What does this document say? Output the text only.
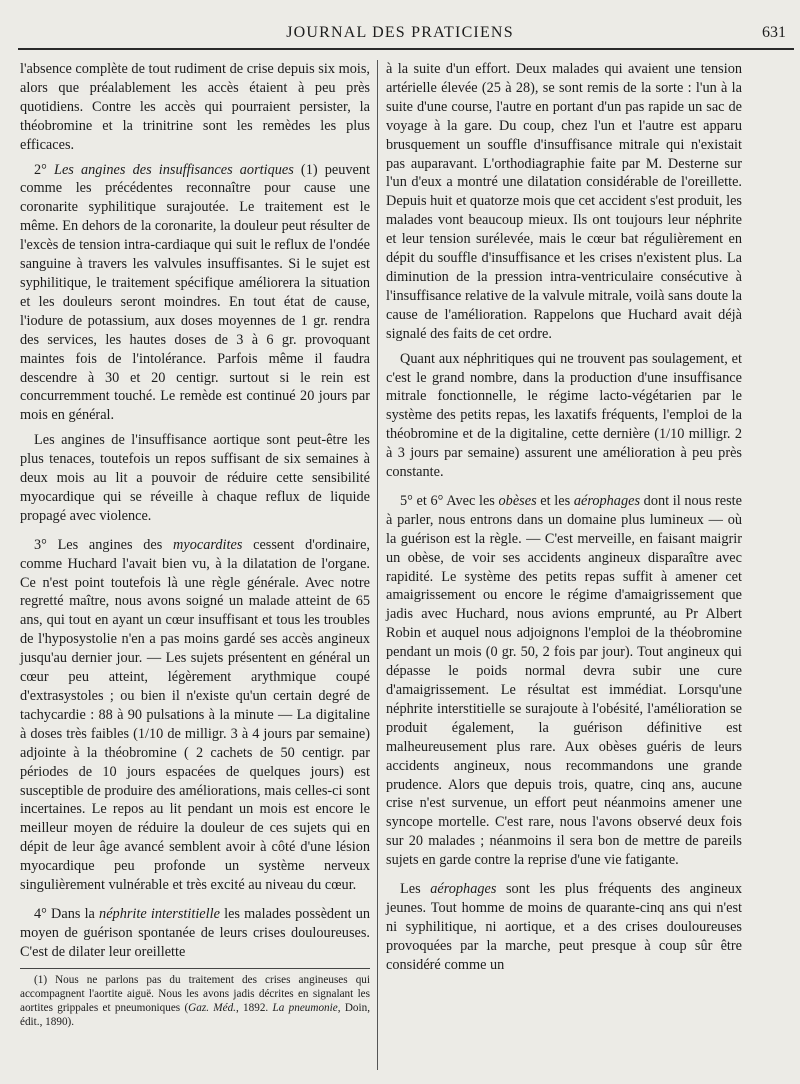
JOURNAL DES PRATICIENS	631

l'absence complète de tout rudiment de crise depuis six mois, alors que préalablement les accès étaient à peu près quotidiens. Contre les accès qui pourraient persister, la théobromine et la trinitrine sont les remèdes les plus efficaces.

2° Les angines des insuffisances aortiques (1) peuvent comme les précédentes reconnaître pour cause une coronarite syphilitique surajoutée. Le traitement est le même. En dehors de la coronarite, la douleur peut résulter de l'excès de tension intra-cardiaque qui suit le reflux de l'ondée sanguine à travers les valvules insuffisantes. Si le sujet est syphilitique, le traitement spécifique améliorera la situation et les douleurs seront moindres. En tout état de cause, l'iodure de potassium, aux doses moyennes de 1 gr. rendra des services, les hautes doses de 3 à 6 gr. provoquant maintes fois de l'intolérance. Parfois même il faudra descendre à 30 et 20 centigr. surtout si le rein est concurremment touché. Le remède est continué 20 jours par mois en général.

Les angines de l'insuffisance aortique sont peut-être les plus tenaces, toutefois un repos suffisant de six semaines à deux mois au lit a pouvoir de réduire cette sensibilité myocardique qui se réveille à chaque reflux de liquide propagé avec violence.

3° Les angines des myocardites cessent d'ordinaire, comme Huchard l'avait bien vu, à la dilatation de l'organe. Ce n'est point toutefois là une règle générale. Avec notre regretté maître, nous avons soigné un malade atteint de 65 ans, qui tout en ayant un cœur insuffisant et tous les troubles de l'hyposystolie n'en a pas moins gardé ses accès angineux jusqu'au dernier jour. — Les sujets présentent en général un cœur peu atteint, légèrement arythmique coupé d'extrasystoles ; ou bien il n'existe qu'un certain degré de tachycardie : 88 à 90 pulsations à la minute — La digitaline à doses très faibles (1/10 de milligr. 3 à 4 jours par semaine) adjointe à la théobromine ( 2 cachets de 50 centigr. par périodes de 10 jours espacées de quelques jours) est susceptible de produire des améliorations, mais celles-ci sont incertaines. Le repos au lit pendant un mois est encore le meilleur moyen de réduire la douleur de ces sujets qui en dépit de leur âge avancé semblent avoir à côté d'une lésion myocardique peu profonde un système nerveux singulièrement vulnérable et très excité au niveau du cœur.

4° Dans la néphrite interstitielle les malades possèdent un moyen de guérison spontanée de leurs crises douloureuses. C'est de dilater leur oreillette

(1) Nous ne parlons pas du traitement des crises angineuses qui accompagnent l'aortite aiguë. Nous les avons jadis décrites en signalant les aortites grippales et pneumoniques (Gaz. Méd., 1892. La pneumonie, Doin, édit., 1890).

à la suite d'un effort. Deux malades qui avaient une tension artérielle élevée (25 à 28), se sont remis de la sorte : l'un à la suite d'une course, l'autre en portant d'un pas rapide un sac de voyage à la gare. Du coup, chez l'un et l'autre est apparu brusquement un souffle d'insuffisance mitrale qui n'existait pas auparavant. L'orthodiagraphie faite par M. Desterne sur l'un d'eux a montré une dilatation considérable de l'oreillette. Depuis huit et quatorze mois que cet accident s'est produit, les malades vont beaucoup mieux. Ils ont toujours leur néphrite et leur tension surélevée, mais le cœur bat régulièrement en dépit du souffle d'insuffisance et les crises n'existent plus. La diminution de la pression intra-ventriculaire consécutive à l'insuffisance relative de la valvule mitrale, voilà sans doute la cause de l'amélioration. Rappelons que Huchard avait déjà signalé des faits de cet ordre.

Quant aux néphritiques qui ne trouvent pas soulagement, et c'est le grand nombre, dans la production d'une insuffisance mitrale fonctionnelle, le régime lacto-végétarien par le système des petits repas, les laxatifs fréquents, l'emploi de la théobromine et de la digitaline, cette dernière (1/10 milligr. 2 à 3 jours par semaine) assurent une amélioration à peu près constante.

5° et 6° Avec les obèses et les aérophages dont il nous reste à parler, nous entrons dans un domaine plus lumineux — où la guérison est la règle. — C'est merveille, en faisant maigrir un obèse, de voir ses accidents angineux disparaître avec rapidité. Le système des petits repas suffit à amener cet amaigrissement ou encore le régime d'amaigrissement que jadis avec Huchard, nous avions emprunté, au Pr Albert Robin et auquel nous adjoignons l'emploi de la théobromine pendant un mois (0 gr. 50, 2 fois par jour). Tout angineux qui dépasse le poids normal devra subir une cure d'amaigrissement. Le résultat est immédiat. Lorsqu'une néphrite interstitielle se surajoute à l'obésité, l'amélioration se produit également, la guérison définitive est malheureusement plus rare. Aux obèses guéris de leurs accidents angineux, nous recommandons une grande prudence. Alors que depuis trois, quatre, cinq ans, aucune crise n'est survenue, un effort peut néanmoins amener une syncope mortelle. C'est rare, nous l'avons observé deux fois sur 20 malades ; néanmoins il sera bon de mettre de pareils sujets en garde contre la reprise d'une vie fatigante.

Les aérophages sont les plus fréquents des angineux jeunes. Tout homme de moins de quarante-cinq ans qui n'est ni syphilitique, ni aortique, et a des crises douloureuses provoquées par la marche, peut presque à coup sûr être considéré comme un
